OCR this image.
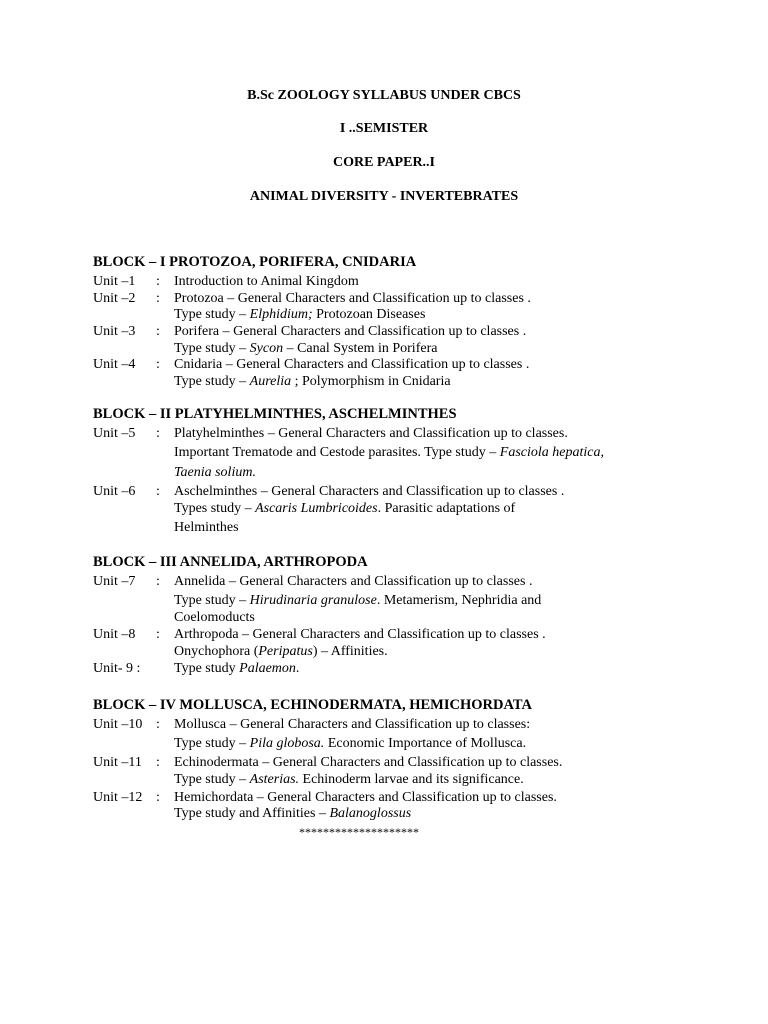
B.Sc ZOOLOGY SYLLABUS UNDER CBCS
I ..SEMISTER
CORE PAPER..I
ANIMAL DIVERSITY - INVERTEBRATES
BLOCK – I PROTOZOA, PORIFERA, CNIDARIA
Unit –1 : Introduction to Animal Kingdom
Unit –2 : Protozoa – General Characters and Classification up to classes .
Type study – Elphidium; Protozoan Diseases
Unit –3 : Porifera – General Characters and Classification up to classes .
Type study – Sycon – Canal System in Porifera
Unit –4 : Cnidaria – General Characters and Classification up to classes .
Type study – Aurelia ; Polymorphism in Cnidaria
BLOCK – II PLATYHELMINTHES, ASCHELMINTHES
Unit –5 : Platyhelminthes – General Characters and Classification up to classes.
Important Trematode and Cestode parasites. Type study – Fasciola hepatica,
Taenia solium.
Unit –6 : Aschelminthes – General Characters and Classification up to classes .
Types study – Ascaris Lumbricoides. Parasitic adaptations of
Helminthes
BLOCK – III ANNELIDA, ARTHROPODA
Unit –7 : Annelida – General Characters and Classification up to classes .
Type study – Hirudinaria granulose. Metamerism, Nephridia and
Coelomoducts
Unit –8 : Arthropoda – General Characters and Classification up to classes .
Onychophora (Peripatus) – Affinities.
Unit- 9 : Type study Palaemon.
BLOCK – IV MOLLUSCA, ECHINODERMATA, HEMICHORDATA
Unit –10 : Mollusca – General Characters and Classification up to classes:
Type study – Pila globosa. Economic Importance of Mollusca.
Unit –11 : Echinodermata – General Characters and Classification up to classes.
Type study – Asterias. Echinoderm larvae and its significance.
Unit –12 : Hemichordata – General Characters and Classification up to classes.
Type study and Affinities – Balanoglossus
********************
